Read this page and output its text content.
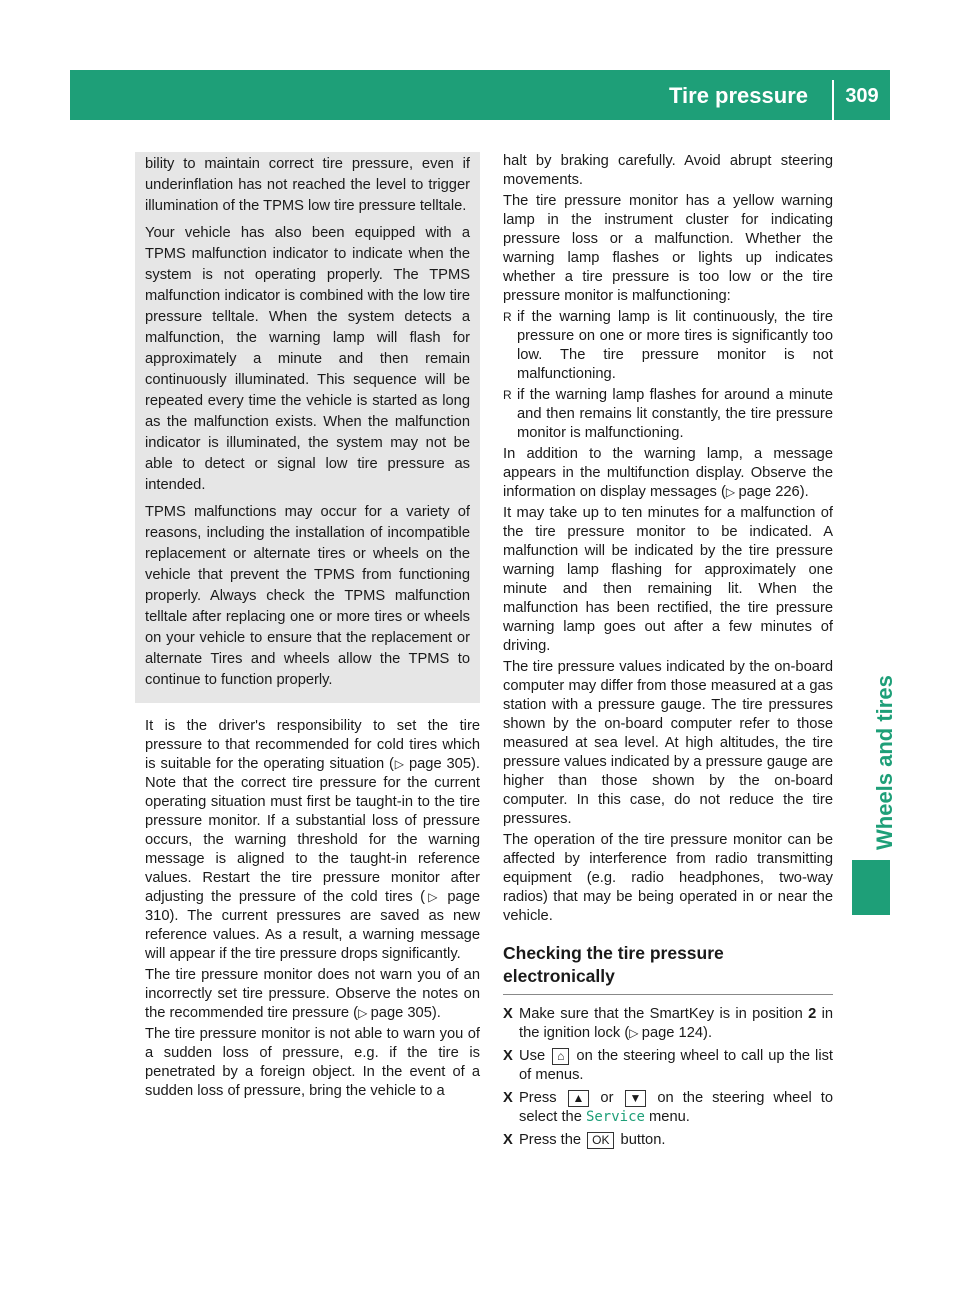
Tire pressure	309
Wheels and tires

bility to maintain correct tire pressure, even if underinflation has not reached the level to trigger illumination of the TPMS low tire pressure telltale.

Your vehicle has also been equipped with a TPMS malfunction indicator to indicate when the system is not operating properly. The TPMS malfunction indicator is combined with the low tire pressure telltale. When the system detects a malfunction, the warning lamp will flash for approximately a minute and then remain continuously illuminated. This sequence will be repeated every time the vehicle is started as long as the malfunction exists. When the malfunction indicator is illuminated, the system may not be able to detect or signal low tire pressure as intended.

TPMS malfunctions may occur for a variety of reasons, including the installation of incompatible replacement or alternate tires or wheels on the vehicle that prevent the TPMS from functioning properly. Always check the TPMS malfunction telltale after replacing one or more tires or wheels on your vehicle to ensure that the replacement or alternate Tires and wheels allow the TPMS to continue to function properly.

It is the driver's responsibility to set the tire pressure to that recommended for cold tires which is suitable for the operating situation (▷ page 305). Note that the correct tire pressure for the current operating situation must first be taught-in to the tire pressure monitor. If a substantial loss of pressure occurs, the warning threshold for the warning message is aligned to the taught-in reference values. Restart the tire pressure monitor after adjusting the pressure of the cold tires (▷ page 310). The current pressures are saved as new reference values. As a result, a warning message will appear if the tire pressure drops significantly.

The tire pressure monitor does not warn you of an incorrectly set tire pressure. Observe the notes on the recommended tire pressure (▷ page 305).

The tire pressure monitor is not able to warn you of a sudden loss of pressure, e.g. if the tire is penetrated by a foreign object. In the event of a sudden loss of pressure, bring the vehicle to a

halt by braking carefully. Avoid abrupt steering movements.

The tire pressure monitor has a yellow warning lamp in the instrument cluster for indicating pressure loss or a malfunction. Whether the warning lamp flashes or lights up indicates whether a tire pressure is too low or the tire pressure monitor is malfunctioning:

R if the warning lamp is lit continuously, the tire pressure on one or more tires is significantly too low. The tire pressure monitor is not malfunctioning.
R if the warning lamp flashes for around a minute and then remains lit constantly, the tire pressure monitor is malfunctioning.

In addition to the warning lamp, a message appears in the multifunction display. Observe the information on display messages (▷ page 226).

It may take up to ten minutes for a malfunction of the tire pressure monitor to be indicated. A malfunction will be indicated by the tire pressure warning lamp flashing for approximately one minute and then remaining lit. When the malfunction has been rectified, the tire pressure warning lamp goes out after a few minutes of driving.

The tire pressure values indicated by the on-board computer may differ from those measured at a gas station with a pressure gauge. The tire pressures shown by the on-board computer refer to those measured at sea level. At high altitudes, the tire pressure values indicated by a pressure gauge are higher than those shown by the on-board computer. In this case, do not reduce the tire pressures.

The operation of the tire pressure monitor can be affected by interference from radio transmitting equipment (e.g. radio headphones, two-way radios) that may be being operated in or near the vehicle.

Checking the tire pressure electronically
X Make sure that the SmartKey is in position 2 in the ignition lock (▷ page 124).
X Use ⌂ on the steering wheel to call up the list of menus.
X Press ▲ or ▼ on the steering wheel to select the Service menu.
X Press the OK button.
